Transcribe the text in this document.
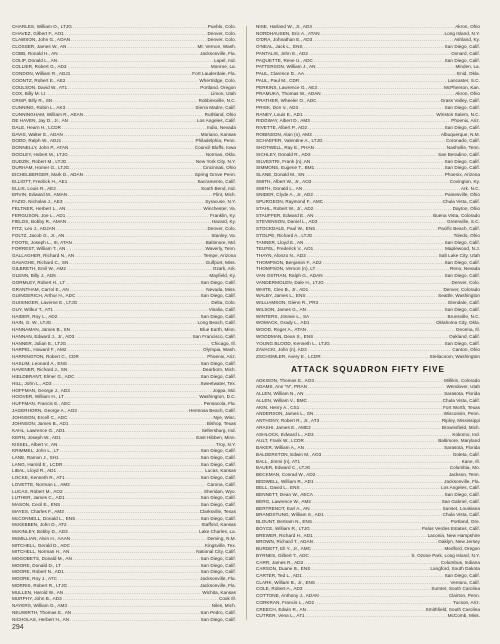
CHARLES, William O., LTJG .....	Pueblo, Colo.
CHAVEZ, Gilbert F., AO1 .....	Denver, Colo.
CLAWSON, John G., AOAN .....	Denver, Colo.
CLOSSER, James W., AN .....	Mt. Vernon, Wash.
COBB, Ronald H., AN .....	Jacksonville, Fla.
COLIP, Donald L., AN .....	Lapel, Ind.
COLLIER, Robert G., AD3 .....	Monroe, La.
CONDON, William R., ADJ1 .....	Fort Lauderdale, Fla.
COONTZ, Robert E., AE2 .....	Whertridge, Colo.
COULSON, David W., AT1 .....	Portland, Oregon
COX, Billy M. Lt .....	Limon, Utah
CRISP, Billy R., SN .....	Robbinsville, N.C.
CUNNING, Robin L., AK3 .....	Sierra Madre, Calif.
CUNNINGHAM, William R., AEAN .....	Ruthland, Ohio
DE HAVEN, Jay D., Jr., AN .....	Los Angeles, Calif.
DALE, Hearn H., LCDR .....	Indio, Nevada
DAVIS, Walter E., ADAN .....	Moriano, Kansas
DODD, Ralph W., ADJ1 .....	Philadelphia, Penn.
DONNELLY, John P., ATAN .....	Council Bluffs, Iowa
DOOLEY, Hobert M., LTJG .....	Norman, Okla.
DUDZIK, Robert M., LTJG .....	New York City, N.Y.
DURHAM, Homer G., LTJG .....	Cincinnati, Ohio
EICHELBERGER, Mark D., ADAN .....	Spring Grove Penn.
ELLIOTT, Fredrick H., AE1 .....	Sacramento, Calif.
ELLIS, Louis R., AE2 .....	South Bend, Ind.
ERVIN, Edward M., AMAN .....	Flint, Mich.
FAZIO, Nicholas J., AE3 .....	Syracuse, N.Y.
FELTNER, Herbert L., AN .....	Winchester, Va.
FERGUSON, Joe L., AD1 .....	Franklin, Ky.
FIELDS, Bobby R., AMAN .....	Hazard, Ky.
FITZ, Leo J., ADJAN .....	Denver, Colo.
FOLTZ, Jacob G., Jr., AN .....	Stanley, Va.
FOOTE, Joseph L., III, ATAN .....	Baltimore, Md.
FORREST, William T., AN .....	Waverly, Tenn.
GALLAGHER, Richard N., AN .....	Tempe, Arizona
GAVAGHE, Richard C., SN .....	Gulfport, Miss.
GILBRETH, Emil W., AM2 .....	Ozark, Ark.
GLENN, Billy J., AD5 .....	Mayfield, Ky.
GORMLEY, Robert H., LT .....	San Diego, Calif.
GRANTHAM, Carrol E., AN .....	Nevada, Miss.
GUINGERICH, Arthur H., ADC .....	San Diego, Calif.
GUISINGER, Laverne E., LTJG .....	Delta, Colo.
GUY, Wilbur T., AT1 .....	Visalia, Calif.
HAIDER, Roy L., AD2 .....	San Diego, Calif.
HAIN, G. W., LTJG .....	Long Beach, Calif.
HANNAMAN, James B., SN .....	Blue Earth, Minn.
HANNAN, Edward J., Jr., AD3 .....	San Francisco, Calif.
HANNER, Julian E., LTJG .....	Chicago, Ill.
HARPEL, Howard F., AM2 .....	Olympia, Wash.
HARRINGTON, Robert C., CDR .....	Phoenix, Ariz.
HASLIM, Leonard A., ENS .....	San Diego, Calif.
HAVENER, Richard J., SN .....	Dearborn, Mich.
HIELDBRANT, Elmer G., ADC .....	San Diego, Calif.
HILL, John L., AD3 .....	Sweetwater, Tex.
HOFFMAN, George J., AD3 .....	Joppa, Md.
HOOVER, William H., LT .....	Washington, D.C.
HUFFMAN, Francis E., AEC .....	Pensacola, Fla.
JAGERHORN, George A., AO3 .....	Hermosa Beach, Calif.
JOHNSON, Ercell C., ADC .....	Nye, Wisc.
JOHNSON, James B., AD1 .....	Bishop, Texas
KAHL, Lawrence G., AD1 .....	Sellersburg, Ind.
KERN, Joseph W., AD1 .....	East Hibben, Minn.
KISSEL, Albert V., AN .....	Troy, N.Y.
KRIMMEL, John L., LT .....	San Diego, Calif.
LANE, Ramon J., SH1 .....	San Diego, Calif.
LANG, Harold E., LCDR .....	San Diego, Calif.
LIBAL, Lloyd R., AD1 .....	Lucas, Kansas
LOCKE, Kenneth R., AT1 .....	San Diego, Calif.
LOVETTE, Norman L., AM2 .....	Carona, Calif.
LUCAS, Robert M., AO2 .....	Sheridan, Wyo.
LUTHER, James C., AD1 .....	San Diego, Calif.
MASON, Cecil E., ENS .....	San Diego, Calif.
MAYES, Charles F., AM3 .....	Clarksville, Texas
McCONNELL, Donald L., ENS .....	San Diego, Calif.
McKEBBEN, John D., AT2 .....	Stafford, Kansas
McKINLEY, Bobby D., AD3 .....	Lake Charles, La.
McMILLIAN, Alvin H., AAAN .....	Deming, N.M.
MITCHELL, Gerald D., ADC .....	Kingsville, Tex.
MITCHELL, Norman H., AN .....	National City, Calif.
MOGOBETS, Donald M., AN .....	San Diego, Calif.
MOORE, Donald D., LT .....	San Diego, Calif.
MOORE, Robert N., AD1 .....	San Diego, Calif.
MOORE, Roy J., ATC .....	Jacksonville, Fla.
MORRIS, Robert R., LTJG .....	Jacksonville, Fla.
MULLEN, Harold W., AN .....	Wichita, Kansas
MURPHY, John B., AD3 .....	Cook Ill.
NAYERS, William G., AM3 .....	Niles, Mich.
NEUWIRTH, Thomas E., AN .....	San Pedro, Calif.
NICHOLAS, Herbert H., AN .....	San Diego, Calif.
NISE, Harland W., Jr., AD3 .....	Akron, Ohio
NORDHAUSEN, Eric A., ATAN .....	Long Island, N.Y.
O'DRA, Johnathan E., AD3 .....	Ashland, Ky.
O'NEAL, Jack L., ENS .....	San Diego, Calif.
PANTALIS, John E., AD2 .....	Oxnard, Calif.
PAQUETTE, Rene U., ADC .....	San Diego, Calif.
PATTERSON, William J., AN .....	Minden, La.
PAUL, Clarence D., AA .....	Enid, Okla.
PAUL, Paul M., CDR .....	Lancaster, S.C.
PERKINS, Lawrence G., AE3 .....	McPherson, Kan.
PRAMUKA, Thomas W., ADAN .....	Akron, Ohio
PRATHER, Wheeler O., ADC .....	Grass Valley, Calif.
PRISK, Don V., AD3 .....	San Diego, Calif.
RANEY, Louis E., AD1 .....	Winston Salem, N.C.
RIDGWAY, Albert D., AM3 .....	Phoenix, Ariz.
RIVETTE, Albert P., AD2 .....	San Diego, Calif.
ROBINSON, Alan (n), AM3 .....	Albuquerque, N.M.
SCHAEFER, Valentine A., LTJG .....	Coronado, Calif.
SHOTWELL, Ray E., PHAN .....	Nashville, Tenn.
SICHLEY, Donald R., AD3 .....	San Beradino, Calif.
SILVESTRI, Frank (n), AN .....	San Diego, Calif.
SIMMONS, Eugene T., BM1 .....	San Diego, Calif.
SLANE, Donald M., SN .....	Phoenix, Arizona
SMITH, Albert W., Jr., AO3 .....	Covington, Ky.
SMITH, Donald L., AN .....	Ark. N.C.
SNIDER, Clyde A., Jr., AD2 .....	Painesville, Ohio
SPURGEON, Raymond F., AMC .....	Chula Vista, Calif.
STAHL, Robert W., Jr., AD2 .....	Dayton, Ohio
STAUFFER, Edward E., AN .....	Buena Vista, Colorado
STEVENSON, Daniel L., AD3 .....	Greenville, S.C.
STOCKDALE, Paul W., ENS .....	Pacific Beach, Calif.
STOLPE, Richard A., LTJG .....	Toledo, Ohio
TANNER, Lloyd E., AN .....	San Diego, Calif.
TEUFEL, Frederick V., AO1 .....	Maplewood, N.J.
THAYN, Alonzo N., AD3 .....	Salt Lake City, Utah
THOMPSON, Benjamin F., AD2 .....	San Diego, Calif.
THOMPSON, Vernon (n), LT .....	Reno, Nevada
VAN OSTRAN, Ralph G., ADAN .....	San Diego, Calif.
VANDERMOLEN, Dale H., LTJG .....	Denver, Colo.
WHITE, Cleo B., Jr., AD1 .....	Denver, Colorado
WALBY, James L., ENS .....	Seattle, Washington
WILLIAMSON, Glenn R., PR3 .....	Glendale, Calif.
WILSON, James G., AN .....	San Diego, Calif.
WINTERS, Jimmie L., SA .....	Brunsville, N.C.
WOMACK, Grady L., AD1 .....	Oklahoma City, Okla.
WOOD, Roger A., ATAN .....	Deonna, Ill.
WOODMAN, Dean S., ENS .....	Oakland, Calif.
YOUNG BLOOD, Kenneth L., LTJG .....	San Diego, Calif.
ZAVACKI, John (n), AD3 .....	Canton, Ohio
ZSCHOMLER, Avery E., LCDR .....	Steilacoom, Washington
ATTACK SQUADRON FIFTY FIVE
ADKISON, Thomas E., AO3 .....	Millikin, Colorado
ADAMS, Ann "N", PRAN .....	Wendover, Utah
ALLEN, William N., AN .....	Sarasota, Florida
ALLEN, William V., BMC .....	Chula Vista, Calif.
AKIN, Henry A., CS1 .....	Fort Worth, Texas
ANDERSON, James L., SN .....	Wisconsin, Penn.
ANTHONY, Robert R., Jr., AT3 .....	Ripley, Mississippi
ARASHI, James E., AME2 .....	Brownsfield, Mich.
ASHLOCK, Edward L., AD3 .....	Kokomo, Ind.
AULT, Frank W., LCDR .....	Baltimore, Maryland
BAKER, William A., AN .....	Sarasota, Florida
BALDERSTON, Edwin M., AO3 .....	Goleta, Calif.
BALL, Jimmi (n), AT1 .....	Kane, Ill.
BAUER, Edward C., LTJG .....	Columbia, Mo.
BECKMAN, Conrad W., AD2 .....	Jackson, Tenn.
BEDWELL, William R., AD1 .....	Jacksonville, Fla.
BELL, David L., ENS .....	Los Angeles, Calif.
BENNETT, Dean W., AECA .....	San Diego, Calif.
BERG, Lawrence W., AM2 .....	San Gabriel, Calif.
BERTRENOT, Earl A., AN .....	Sunset, Louisiana
BRANDSTUNG, William S., AD1 .....	Chula Vista, Calif.
BLOUNT, Bertram N., ENS .....	Portland, Ore.
BOYCE, William R., LTJG .....	Palos Verdes Estates, Calif.
BREWER, Richard H., AD1 .....	Laconia, New Hampshire
BROWN, Richard T., ADAN .....	Oaklyn, New Jersey
BURDETT, Eli Y., Jr., AMC .....	Medford, Oregon
BYRNES, Gilbert T., ADC .....	S. Ozone Park, Long Island, N.Y.
CARR, James R., AD3 .....	Columbus, Indiana
CARSON, Duane B., ENS .....	Langford, South Dakota
CARTER, Ted L., AD1 .....	San Diego, Calif.
CLARK, William B., Jr., ENS .....	Ventura, Calif.
COLE, Robert A., AD3 .....	Sumter, South Carolina
COTTONE, Anthony J., ADAN .....	Clairton, Penn.
CORKRAN, Francis L., AD2 .....	Tucson, Ariz.
CREECH, Edwin R., AN .....	Smithfield, South Carolina
CUTRER, Vena L., AT1 .....	McComb, Miss.
294
